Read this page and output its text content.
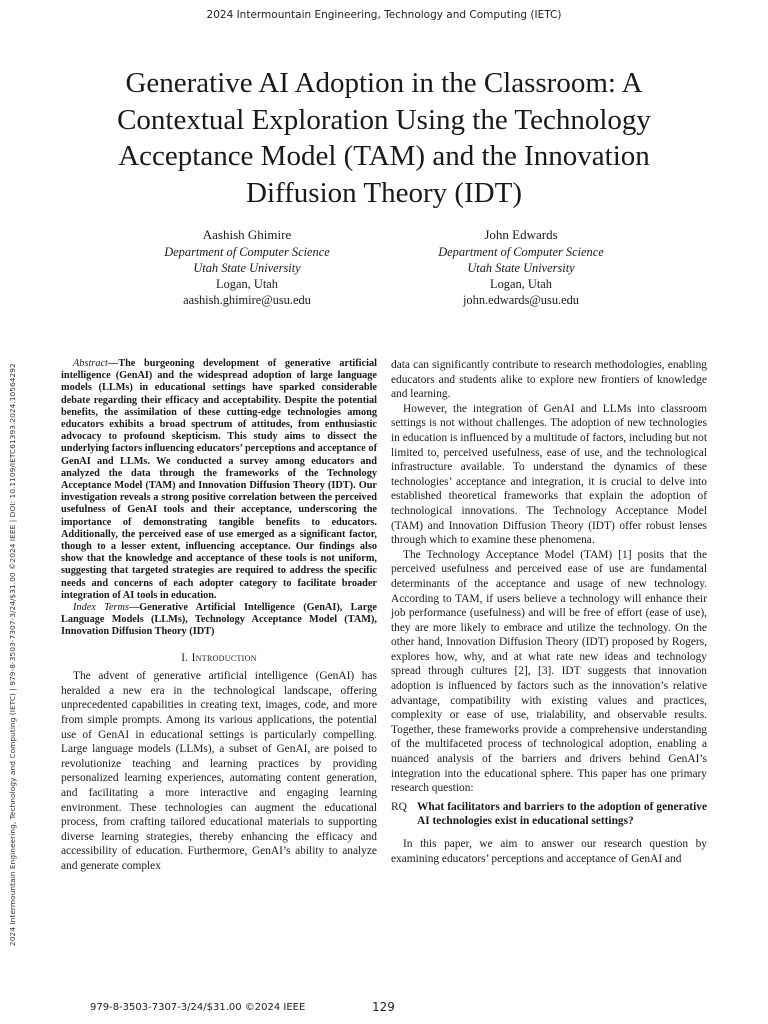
2024 Intermountain Engineering, Technology and Computing (IETC)
2024 Intermountain Engineering, Technology and Computing (IETC) | 979-8-3503-7307-3/24/$31.00 ©2024 IEEE | DOI: 10.1109/IETC61393.2024.10564292
Generative AI Adoption in the Classroom: A Contextual Exploration Using the Technology Acceptance Model (TAM) and the Innovation Diffusion Theory (IDT)
Aashish Ghimire
Department of Computer Science
Utah State University
Logan, Utah
aashish.ghimire@usu.edu
John Edwards
Department of Computer Science
Utah State University
Logan, Utah
john.edwards@usu.edu

Abstract—The burgeoning development of generative artificial intelligence (GenAI) and the widespread adoption of large language models (LLMs) in educational settings have sparked considerable debate regarding their efficacy and acceptability. Despite the potential benefits, the assimilation of these cutting-edge technologies among educators exhibits a broad spectrum of attitudes, from enthusiastic advocacy to profound skepticism. This study aims to dissect the underlying factors influencing educators’ perceptions and acceptance of GenAI and LLMs. We conducted a survey among educators and analyzed the data through the frameworks of the Technology Acceptance Model (TAM) and Innovation Diffusion Theory (IDT). Our investigation reveals a strong positive correlation between the perceived usefulness of GenAI tools and their acceptance, underscoring the importance of demonstrating tangible benefits to educators. Additionally, the perceived ease of use emerged as a significant factor, though to a lesser extent, influencing acceptance. Our findings also show that the knowledge and acceptance of these tools is not uniform, suggesting that targeted strategies are required to address the specific needs and concerns of each adopter category to facilitate broader integration of AI tools in education.

Index Terms—Generative Artificial Intelligence (GenAI), Large Language Models (LLMs), Technology Acceptance Model (TAM), Innovation Diffusion Theory (IDT)

I. Introduction

The advent of generative artificial intelligence (GenAI) has heralded a new era in the technological landscape, offering unprecedented capabilities in creating text, images, code, and more from simple prompts. Among its various applications, the potential use of GenAI in educational settings is particularly compelling. Large language models (LLMs), a subset of GenAI, are poised to revolutionize teaching and learning practices by providing personalized learning experiences, automating content generation, and facilitating a more interactive and engaging learning environment. These technologies can augment the educational process, from crafting tailored educational materials to supporting diverse learning strategies, thereby enhancing the efficacy and accessibility of education. Furthermore, GenAI’s ability to analyze and generate complex

data can significantly contribute to research methodologies, enabling educators and students alike to explore new frontiers of knowledge and learning.

However, the integration of GenAI and LLMs into classroom settings is not without challenges. The adoption of new technologies in education is influenced by a multitude of factors, including but not limited to, perceived usefulness, ease of use, and the technological infrastructure available. To understand the dynamics of these technologies’ acceptance and integration, it is crucial to delve into established theoretical frameworks that explain the adoption of technological innovations. The Technology Acceptance Model (TAM) and Innovation Diffusion Theory (IDT) offer robust lenses through which to examine these phenomena.

The Technology Acceptance Model (TAM) [1] posits that the perceived usefulness and perceived ease of use are fundamental determinants of the acceptance and usage of new technology. According to TAM, if users believe a technology will enhance their job performance (usefulness) and will be free of effort (ease of use), they are more likely to embrace and utilize the technology. On the other hand, Innovation Diffusion Theory (IDT) proposed by Rogers, explores how, why, and at what rate new ideas and technology spread through cultures [2], [3]. IDT suggests that innovation adoption is influenced by factors such as the innovation’s relative advantage, compatibility with existing values and practices, complexity or ease of use, trialability, and observable results. Together, these frameworks provide a comprehensive understanding of the multifaceted process of technological adoption, enabling a nuanced analysis of the barriers and drivers behind GenAI’s integration into the educational sphere. This paper has one primary research question:

RQ What facilitators and barriers to the adoption of generative AI technologies exist in educational settings?

In this paper, we aim to answer our research question by examining educators’ perceptions and acceptance of GenAI and

979-8-3503-7307-3/24/$31.00 ©2024 IEEE	129
